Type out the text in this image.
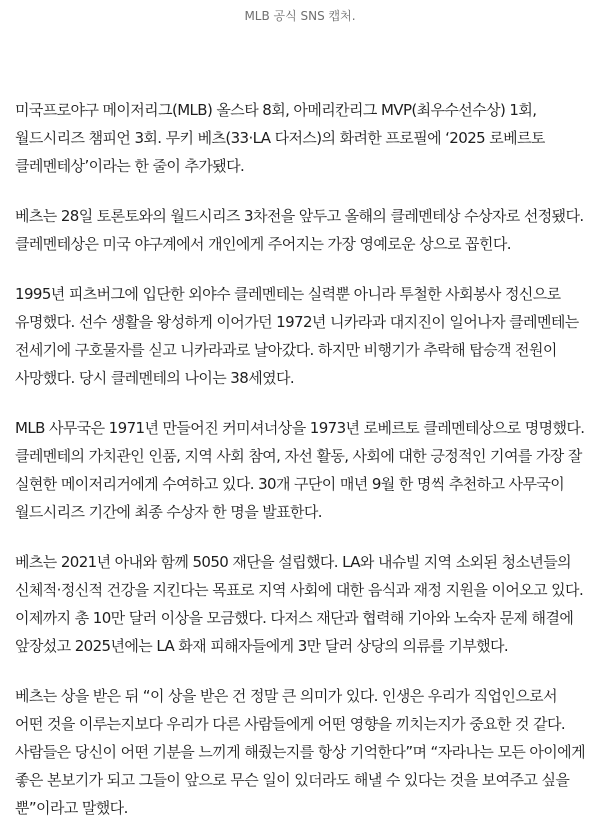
MLB 공식 SNS 캡처.

미국프로야구 메이저리그(MLB) 올스타 8회, 아메리칸리그 MVP(최우수선수상) 1회, 월드시리즈 챔피언 3회. 무키 베츠(33·LA 다저스)의 화려한 프로필에 ‘2025 로베르토 클레멘테상’이라는 한 줄이 추가됐다.

베츠는 28일 토론토와의 월드시리즈 3차전을 앞두고 올해의 클레멘테상 수상자로 선정됐다. 클레멘테상은 미국 야구계에서 개인에게 주어지는 가장 영예로운 상으로 꼽힌다.

1995년 피츠버그에 입단한 외야수 클레멘테는 실력뿐 아니라 투철한 사회봉사 정신으로 유명했다. 선수 생활을 왕성하게 이어가던 1972년 니카라과 대지진이 일어나자 클레멘테는 전세기에 구호물자를 싣고 니카라과로 날아갔다. 하지만 비행기가 추락해 탑승객 전원이 사망했다. 당시 클레멘테의 나이는 38세였다.

MLB 사무국은 1971년 만들어진 커미셔너상을 1973년 로베르토 클레멘테상으로 명명했다. 클레멘테의 가치관인 인품, 지역 사회 참여, 자선 활동, 사회에 대한 긍정적인 기여를 가장 잘 실현한 메이저리거에게 수여하고 있다. 30개 구단이 매년 9월 한 명씩 추천하고 사무국이 월드시리즈 기간에 최종 수상자 한 명을 발표한다.

베츠는 2021년 아내와 함께 5050 재단을 설립했다. LA와 내슈빌 지역 소외된 청소년들의 신체적·정신적 건강을 지킨다는 목표로 지역 사회에 대한 음식과 재정 지원을 이어오고 있다. 이제까지 총 10만 달러 이상을 모금했다. 다저스 재단과 협력해 기아와 노숙자 문제 해결에 앞장섰고 2025년에는 LA 화재 피해자들에게 3만 달러 상당의 의류를 기부했다.

베츠는 상을 받은 뒤 “이 상을 받은 건 정말 큰 의미가 있다. 인생은 우리가 직업인으로서 어떤 것을 이루는지보다 우리가 다른 사람들에게 어떤 영향을 끼치는지가 중요한 것 같다. 사람들은 당신이 어떤 기분을 느끼게 해줬는지를 항상 기억한다”며 “자라나는 모든 아이에게 좋은 본보기가 되고 그들이 앞으로 무슨 일이 있더라도 해낼 수 있다는 것을 보여주고 싶을 뿐”이라고 말했다.
